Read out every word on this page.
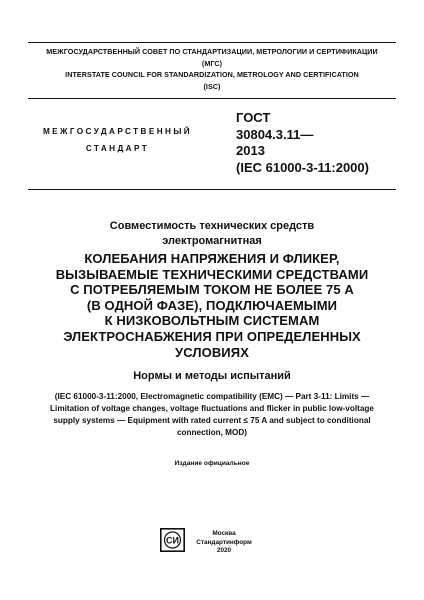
МЕЖГОСУДАРСТВЕННЫЙ СОВЕТ ПО СТАНДАРТИЗАЦИИ, МЕТРОЛОГИИ И СЕРТИФИКАЦИИ
(МГС)
INTERSTATE COUNCIL FOR STANDARDIZATION, METROLOGY AND CERTIFICATION
(ISC)
МЕЖГОСУДАРСТВЕННЫЙ
СТАНДАРТ
ГОСТ
30804.3.11—
2013
(IEC 61000-3-11:2000)
Совместимость технических средств
электромагнитная
КОЛЕБАНИЯ НАПРЯЖЕНИЯ И ФЛИКЕР,
ВЫЗЫВАЕМЫЕ ТЕХНИЧЕСКИМИ СРЕДСТВАМИ
С ПОТРЕБЛЯЕМЫМ ТОКОМ НЕ БОЛЕЕ 75 А
(В ОДНОЙ ФАЗЕ), ПОДКЛЮЧАЕМЫМИ
К НИЗКОВОЛЬТНЫМ СИСТЕМАМ
ЭЛЕКТРОСНАБЖЕНИЯ ПРИ ОПРЕДЕЛЕННЫХ
УСЛОВИЯХ
Нормы и методы испытаний
(IEC 61000-3-11:2000, Electromagnetic compatibility (EMC) — Part 3-11: Limits —
Limitation of voltage changes, voltage fluctuations and flicker in public low-voltage
supply systems — Equipment with rated current ≤ 75 A and subject to conditional
connection, MOD)
Издание официальное
СИ
Москва
Стандартинформ
2020
